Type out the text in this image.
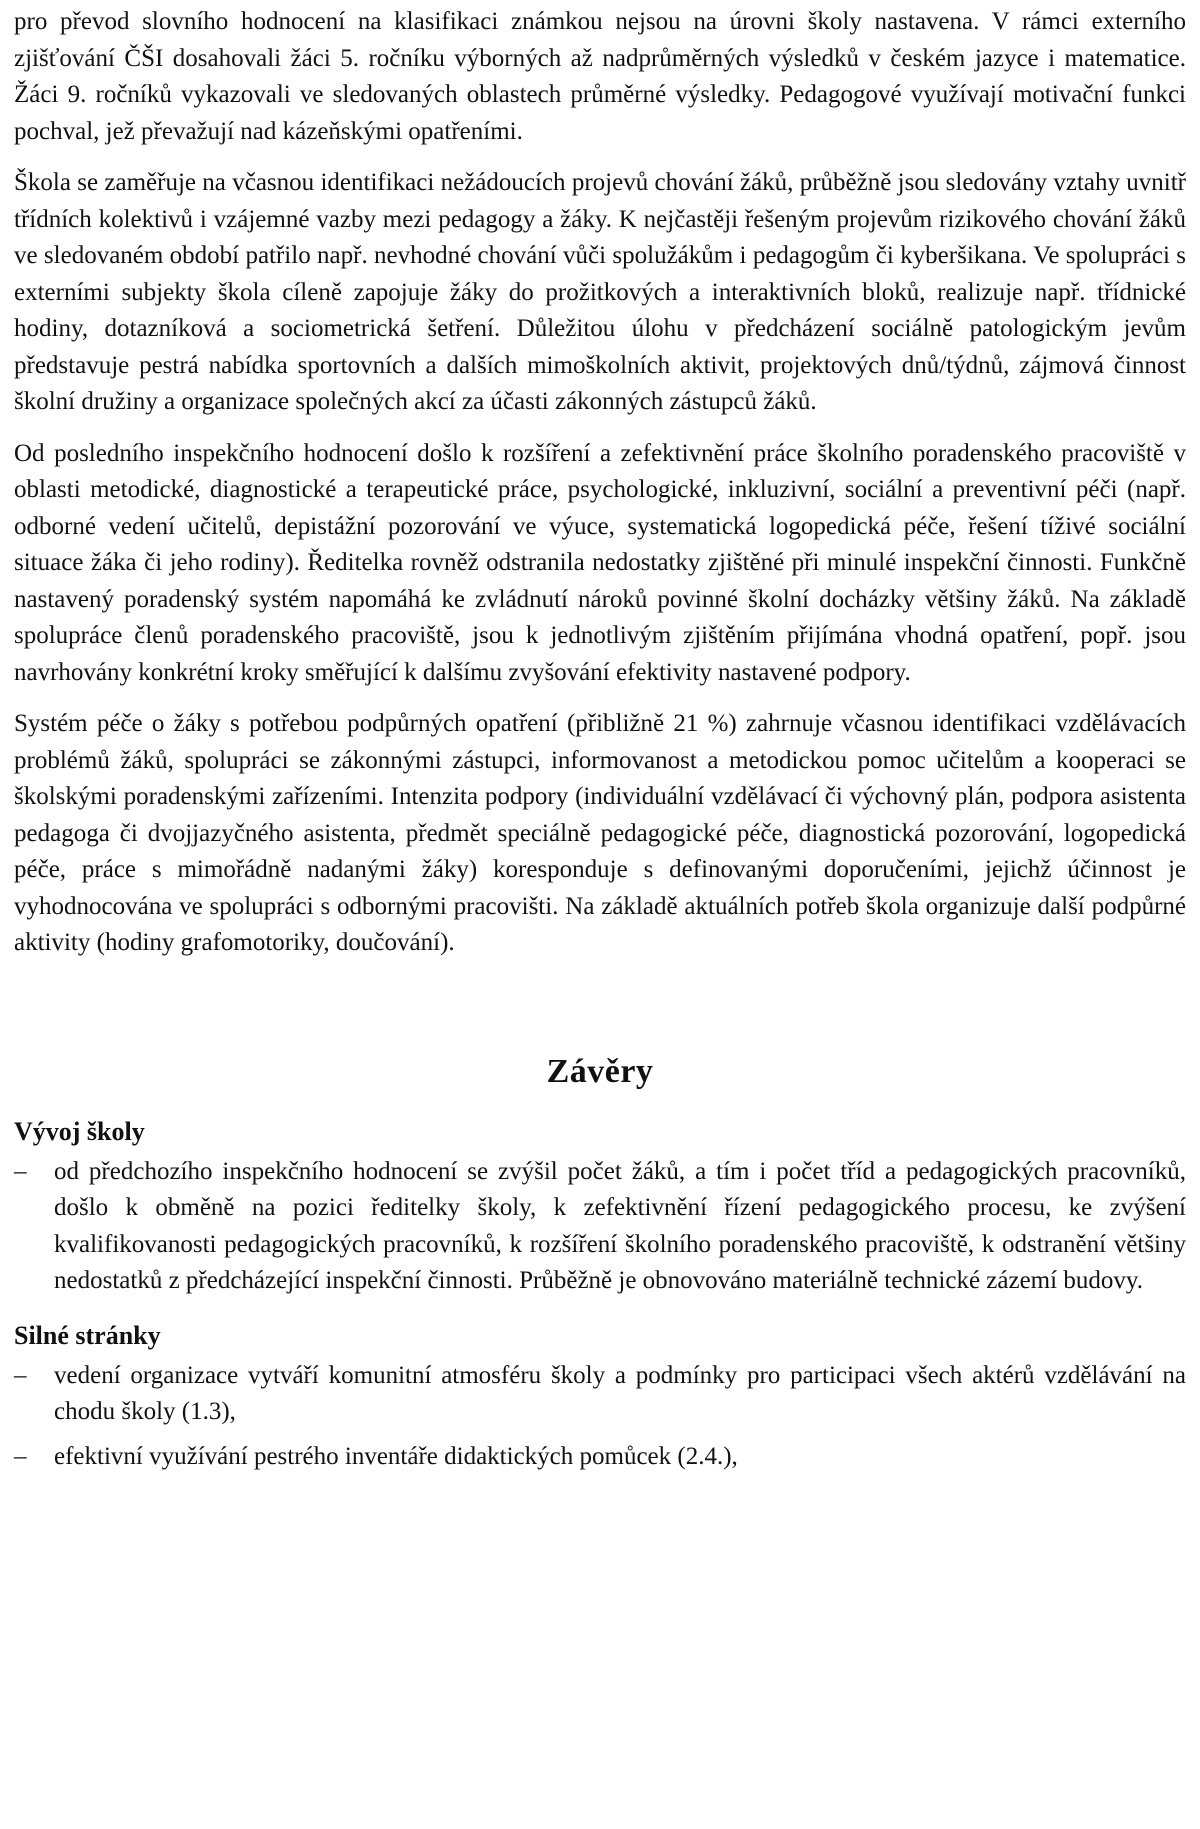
pro převod slovního hodnocení na klasifikaci známkou nejsou na úrovni školy nastavena. V rámci externího zjišťování ČŠI dosahovali žáci 5. ročníku výborných až nadprůměrných výsledků v českém jazyce i matematice. Žáci 9. ročníků vykazovali ve sledovaných oblastech průměrné výsledky. Pedagogové využívají motivační funkci pochval, jež převažují nad kázeňskými opatřeními.

Škola se zaměřuje na včasnou identifikaci nežádoucích projevů chování žáků, průběžně jsou sledovány vztahy uvnitř třídních kolektivů i vzájemné vazby mezi pedagogy a žáky. K nejčastěji řešeným projevům rizikového chování žáků ve sledovaném období patřilo např. nevhodné chování vůči spolužákům i pedagogům či kyberšikana. Ve spolupráci s externími subjekty škola cíleně zapojuje žáky do prožitkových a interaktivních bloků, realizuje např. třídnické hodiny, dotazníková a sociometrická šetření. Důležitou úlohu v předcházení sociálně patologickým jevům představuje pestrá nabídka sportovních a dalších mimoškolních aktivit, projektových dnů/týdnů, zájmová činnost školní družiny a organizace společných akcí za účasti zákonných zástupců žáků.

Od posledního inspekčního hodnocení došlo k rozšíření a zefektivnění práce školního poradenského pracoviště v oblasti metodické, diagnostické a terapeutické práce, psychologické, inkluzivní, sociální a preventivní péči (např. odborné vedení učitelů, depistážní pozorování ve výuce, systematická logopedická péče, řešení tíživé sociální situace žáka či jeho rodiny). Ředitelka rovněž odstranila nedostatky zjištěné při minulé inspekční činnosti. Funkčně nastavený poradenský systém napomáhá ke zvládnutí nároků povinné školní docházky většiny žáků. Na základě spolupráce členů poradenského pracoviště, jsou k jednotlivým zjištěním přijímána vhodná opatření, popř. jsou navrhovány konkrétní kroky směřující k dalšímu zvyšování efektivity nastavené podpory.

Systém péče o žáky s potřebou podpůrných opatření (přibližně 21 %) zahrnuje včasnou identifikaci vzdělávacích problémů žáků, spolupráci se zákonnými zástupci, informovanost a metodickou pomoc učitelům a kooperaci se školskými poradenskými zařízeními. Intenzita podpory (individuální vzdělávací či výchovný plán, podpora asistenta pedagoga či dvojjazyčného asistenta, předmět speciálně pedagogické péče, diagnostická pozorování, logopedická péče, práce s mimořádně nadanými žáky) koresponduje s definovanými doporučeními, jejichž účinnost je vyhodnocována ve spolupráci s odbornými pracovišti. Na základě aktuálních potřeb škola organizuje další podpůrné aktivity (hodiny grafomotoriky, doučování).

Závěry
Vývoj školy
–	od předchozího inspekčního hodnocení se zvýšil počet žáků, a tím i počet tříd a pedagogických pracovníků, došlo k obměně na pozici ředitelky školy, k zefektivnění řízení pedagogického procesu, ke zvýšení kvalifikovanosti pedagogických pracovníků, k rozšíření školního poradenského pracoviště, k odstranění většiny nedostatků z předcházející inspekční činnosti. Průběžně je obnovováno materiálně technické zázemí budovy.
Silné stránky
–	vedení organizace vytváří komunitní atmosféru školy a podmínky pro participaci všech aktérů vzdělávání na chodu školy (1.3),
–	efektivní využívání pestrého inventáře didaktických pomůcek (2.4.),
